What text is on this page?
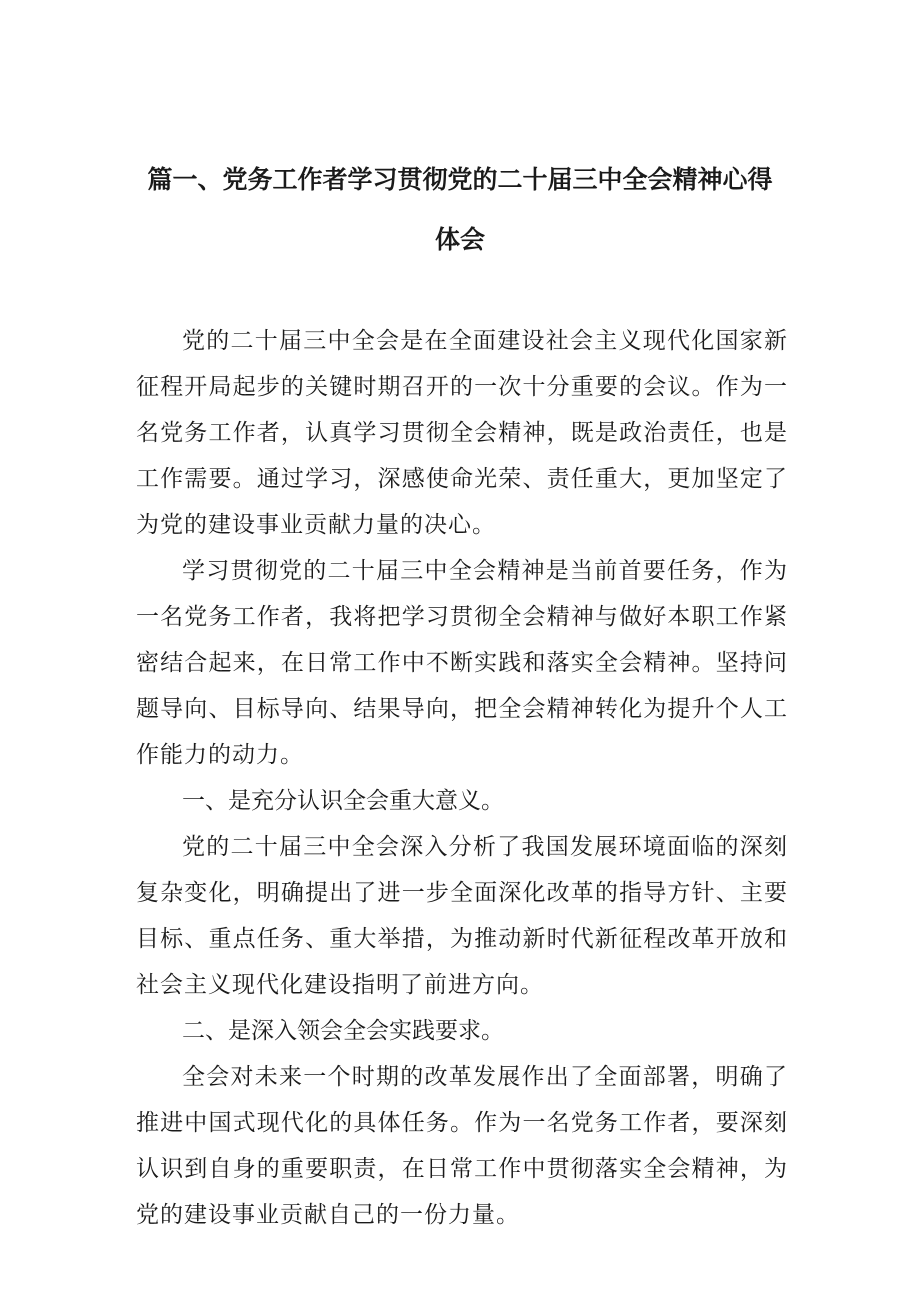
篇一、党务工作者学习贯彻党的二十届三中全会精神心得
体会

党的二十届三中全会是在全面建设社会主义现代化国家新征程开局起步的关键时期召开的一次十分重要的会议。作为一名党务工作者，认真学习贯彻全会精神，既是政治责任，也是工作需要。通过学习，深感使命光荣、责任重大，更加坚定了为党的建设事业贡献力量的决心。

学习贯彻党的二十届三中全会精神是当前首要任务，作为一名党务工作者，我将把学习贯彻全会精神与做好本职工作紧密结合起来，在日常工作中不断实践和落实全会精神。坚持问题导向、目标导向、结果导向，把全会精神转化为提升个人工作能力的动力。

一、是充分认识全会重大意义。

党的二十届三中全会深入分析了我国发展环境面临的深刻复杂变化，明确提出了进一步全面深化改革的指导方针、主要目标、重点任务、重大举措，为推动新时代新征程改革开放和社会主义现代化建设指明了前进方向。

二、是深入领会全会实践要求。

全会对未来一个时期的改革发展作出了全面部署，明确了推进中国式现代化的具体任务。作为一名党务工作者，要深刻认识到自身的重要职责，在日常工作中贯彻落实全会精神，为党的建设事业贡献自己的一份力量。
